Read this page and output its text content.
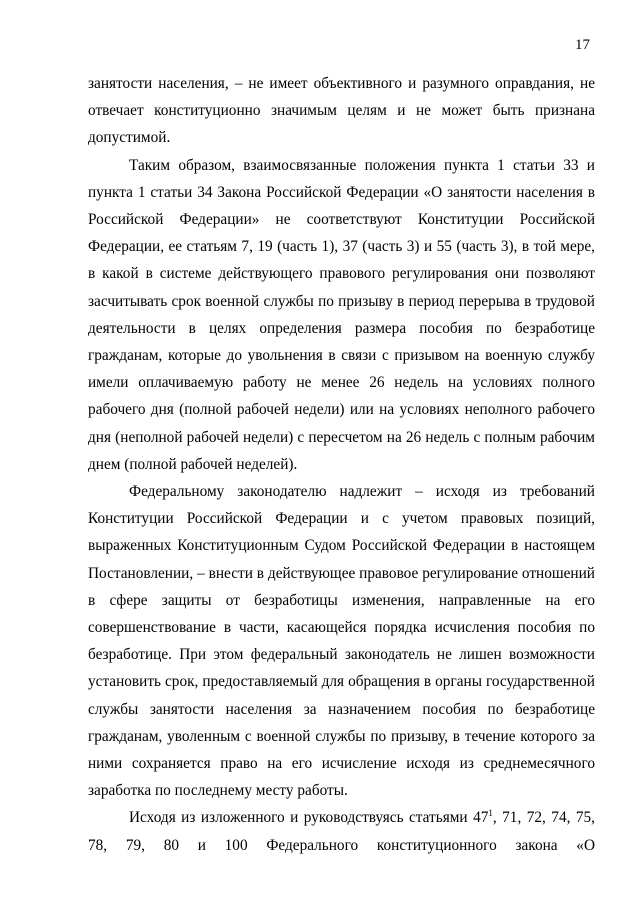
17

занятости населения, – не имеет объективного и разумного оправдания, не отвечает конституционно значимым целям и не может быть признана допустимой.

Таким образом, взаимосвязанные положения пункта 1 статьи 33 и пункта 1 статьи 34 Закона Российской Федерации «О занятости населения в Российской Федерации» не соответствуют Конституции Российской Федерации, ее статьям 7, 19 (часть 1), 37 (часть 3) и 55 (часть 3), в той мере, в какой в системе действующего правового регулирования они позволяют засчитывать срок военной службы по призыву в период перерыва в трудовой деятельности в целях определения размера пособия по безработице гражданам, которые до увольнения в связи с призывом на военную службу имели оплачиваемую работу не менее 26 недель на условиях полного рабочего дня (полной рабочей недели) или на условиях неполного рабочего дня (неполной рабочей недели) с пересчетом на 26 недель с полным рабочим днем (полной рабочей неделей).

Федеральному законодателю надлежит – исходя из требований Конституции Российской Федерации и с учетом правовых позиций, выраженных Конституционным Судом Российской Федерации в настоящем Постановлении, – внести в действующее правовое регулирование отношений в сфере защиты от безработицы изменения, направленные на его совершенствование в части, касающейся порядка исчисления пособия по безработице. При этом федеральный законодатель не лишен возможности установить срок, предоставляемый для обращения в органы государственной службы занятости населения за назначением пособия по безработице гражданам, уволенным с военной службы по призыву, в течение которого за ними сохраняется право на его исчисление исходя из среднемесячного заработка по последнему месту работы.

Исходя из изложенного и руководствуясь статьями $47^1$, 71, 72, 74, 75, 78, 79, 80 и 100 Федерального конституционного закона «О
